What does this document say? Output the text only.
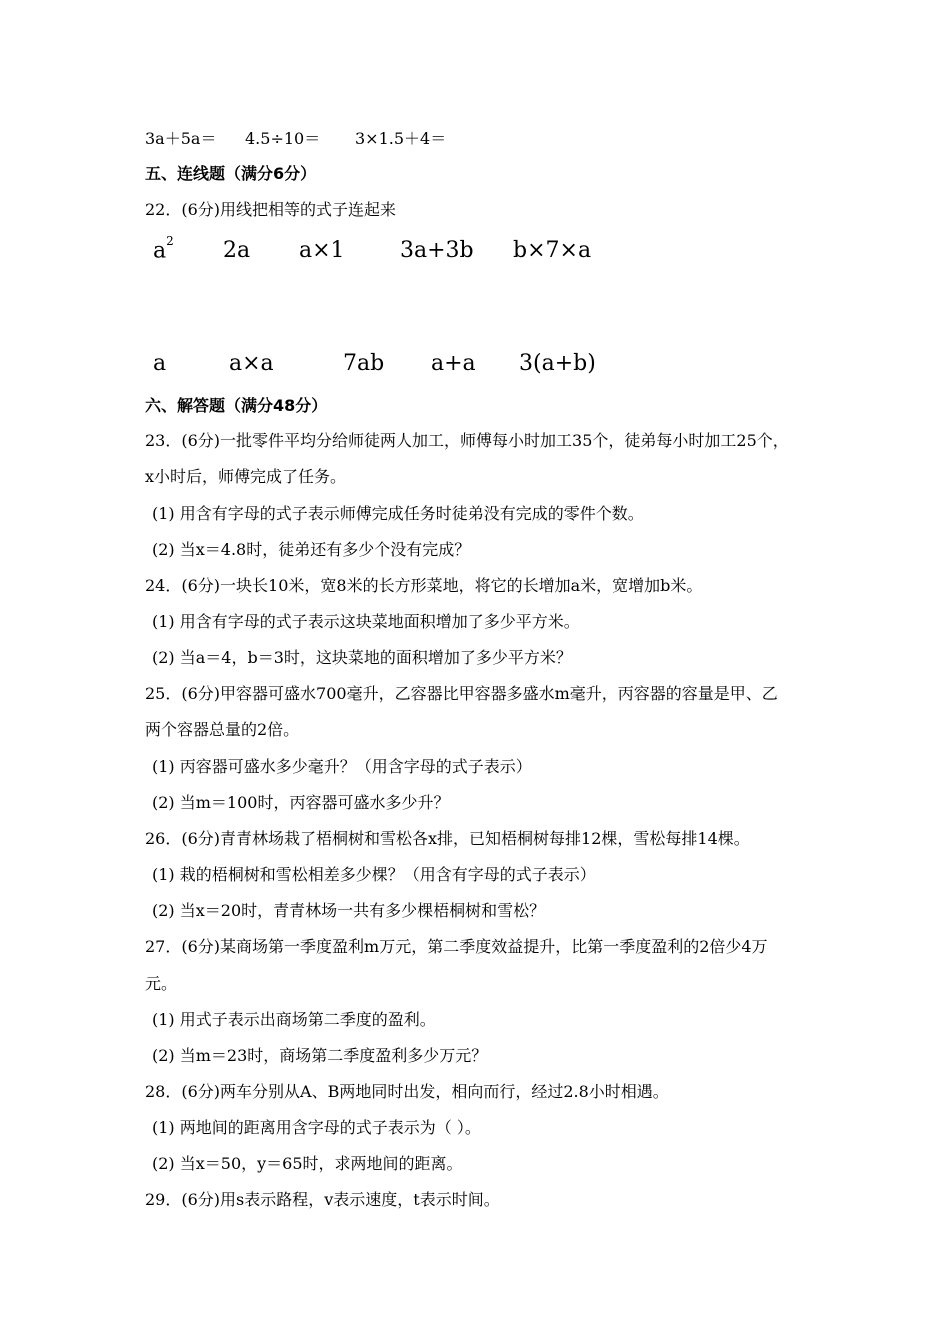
3a＋5a＝ 4.5÷10＝ 3×1.5＋4＝
五、连线题（满分6分）
22．(6分)用线把相等的式子连起来
$a^2$ 2a a×1	3a+3b b×7×a
a	a×a	7ab a+a 3(a+b)
六、解答题（满分48分）
23．(6分)一批零件平均分给师徒两人加工，师傅每小时加工35个，徒弟每小时加工25个，
x小时后，师傅完成了任务。
(1) 用含有字母的式子表示师傅完成任务时徒弟没有完成的零件个数。
(2) 当x＝4.8时，徒弟还有多少个没有完成？
24．(6分)一块长10米，宽8米的长方形菜地，将它的长增加a米，宽增加b米。
(1) 用含有字母的式子表示这块菜地面积增加了多少平方米。
(2) 当a＝4，b＝3时，这块菜地的面积增加了多少平方米？
25．(6分)甲容器可盛水700毫升，乙容器比甲容器多盛水m毫升，丙容器的容量是甲、乙
两个容器总量的2倍。
(1) 丙容器可盛水多少毫升？（用含字母的式子表示）
(2) 当m＝100时，丙容器可盛水多少升？
26．(6分)青青林场栽了梧桐树和雪松各x排，已知梧桐树每排12棵，雪松每排14棵。
(1) 栽的梧桐树和雪松相差多少棵？（用含有字母的式子表示）
(2) 当x＝20时，青青林场一共有多少棵梧桐树和雪松？
27．(6分)某商场第一季度盈利m万元，第二季度效益提升，比第一季度盈利的2倍少4万
元。
(1) 用式子表示出商场第二季度的盈利。
(2) 当m＝23时，商场第二季度盈利多少万元？
28．(6分)两车分别从A、B两地同时出发，相向而行，经过2.8小时相遇。
(1) 两地间的距离用含字母的式子表示为（ ）。
(2) 当x＝50，y＝65时，求两地间的距离。
29．(6分)用s表示路程，v表示速度，t表示时间。
